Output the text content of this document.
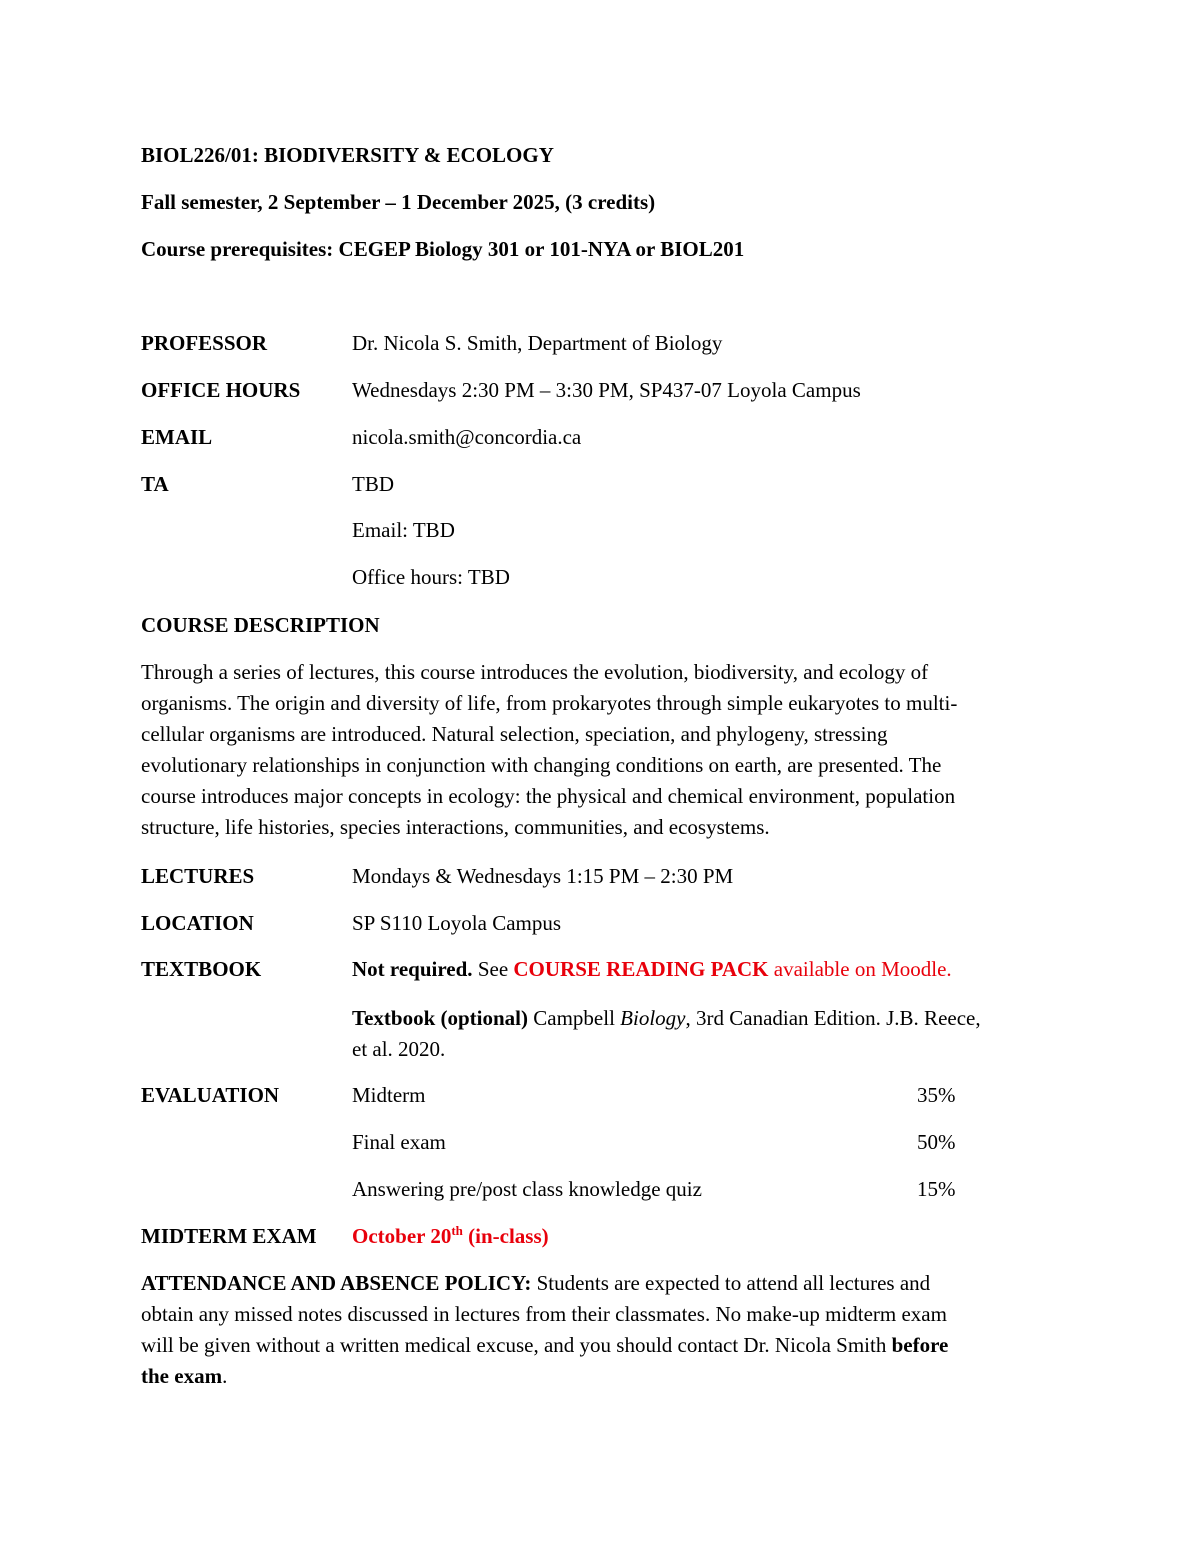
BIOL226/01: BIODIVERSITY & ECOLOGY
Fall semester, 2 September – 1 December 2025, (3 credits)
Course prerequisites: CEGEP Biology 301 or 101-NYA or BIOL201
PROFESSOR	Dr. Nicola S. Smith, Department of Biology
OFFICE HOURS Wednesdays 2:30 PM – 3:30 PM, SP437-07 Loyola Campus
EMAIL	nicola.smith@concordia.ca
TA	TBD
Email: TBD
Office hours: TBD
COURSE DESCRIPTION
Through a series of lectures, this course introduces the evolution, biodiversity, and ecology of
organisms. The origin and diversity of life, from prokaryotes through simple eukaryotes to multi-
cellular organisms are introduced. Natural selection, speciation, and phylogeny, stressing
evolutionary relationships in conjunction with changing conditions on earth, are presented. The
course introduces major concepts in ecology: the physical and chemical environment, population
structure, life histories, species interactions, communities, and ecosystems.
LECTURES	Mondays & Wednesdays 1:15 PM – 2:30 PM
LOCATION	SP S110 Loyola Campus
TEXTBOOK	Not required. See COURSE READING PACK available on Moodle.
Textbook (optional) Campbell Biology, 3rd Canadian Edition. J.B. Reece,
et al. 2020.
EVALUATION	Midterm	35%
Final exam	50%
Answering pre/post class knowledge quiz	15%
MIDTERM EXAM October 20th (in-class)
ATTENDANCE AND ABSENCE POLICY: Students are expected to attend all lectures and
obtain any missed notes discussed in lectures from their classmates. No make-up midterm exam
will be given without a written medical excuse, and you should contact Dr. Nicola Smith before
the exam.
